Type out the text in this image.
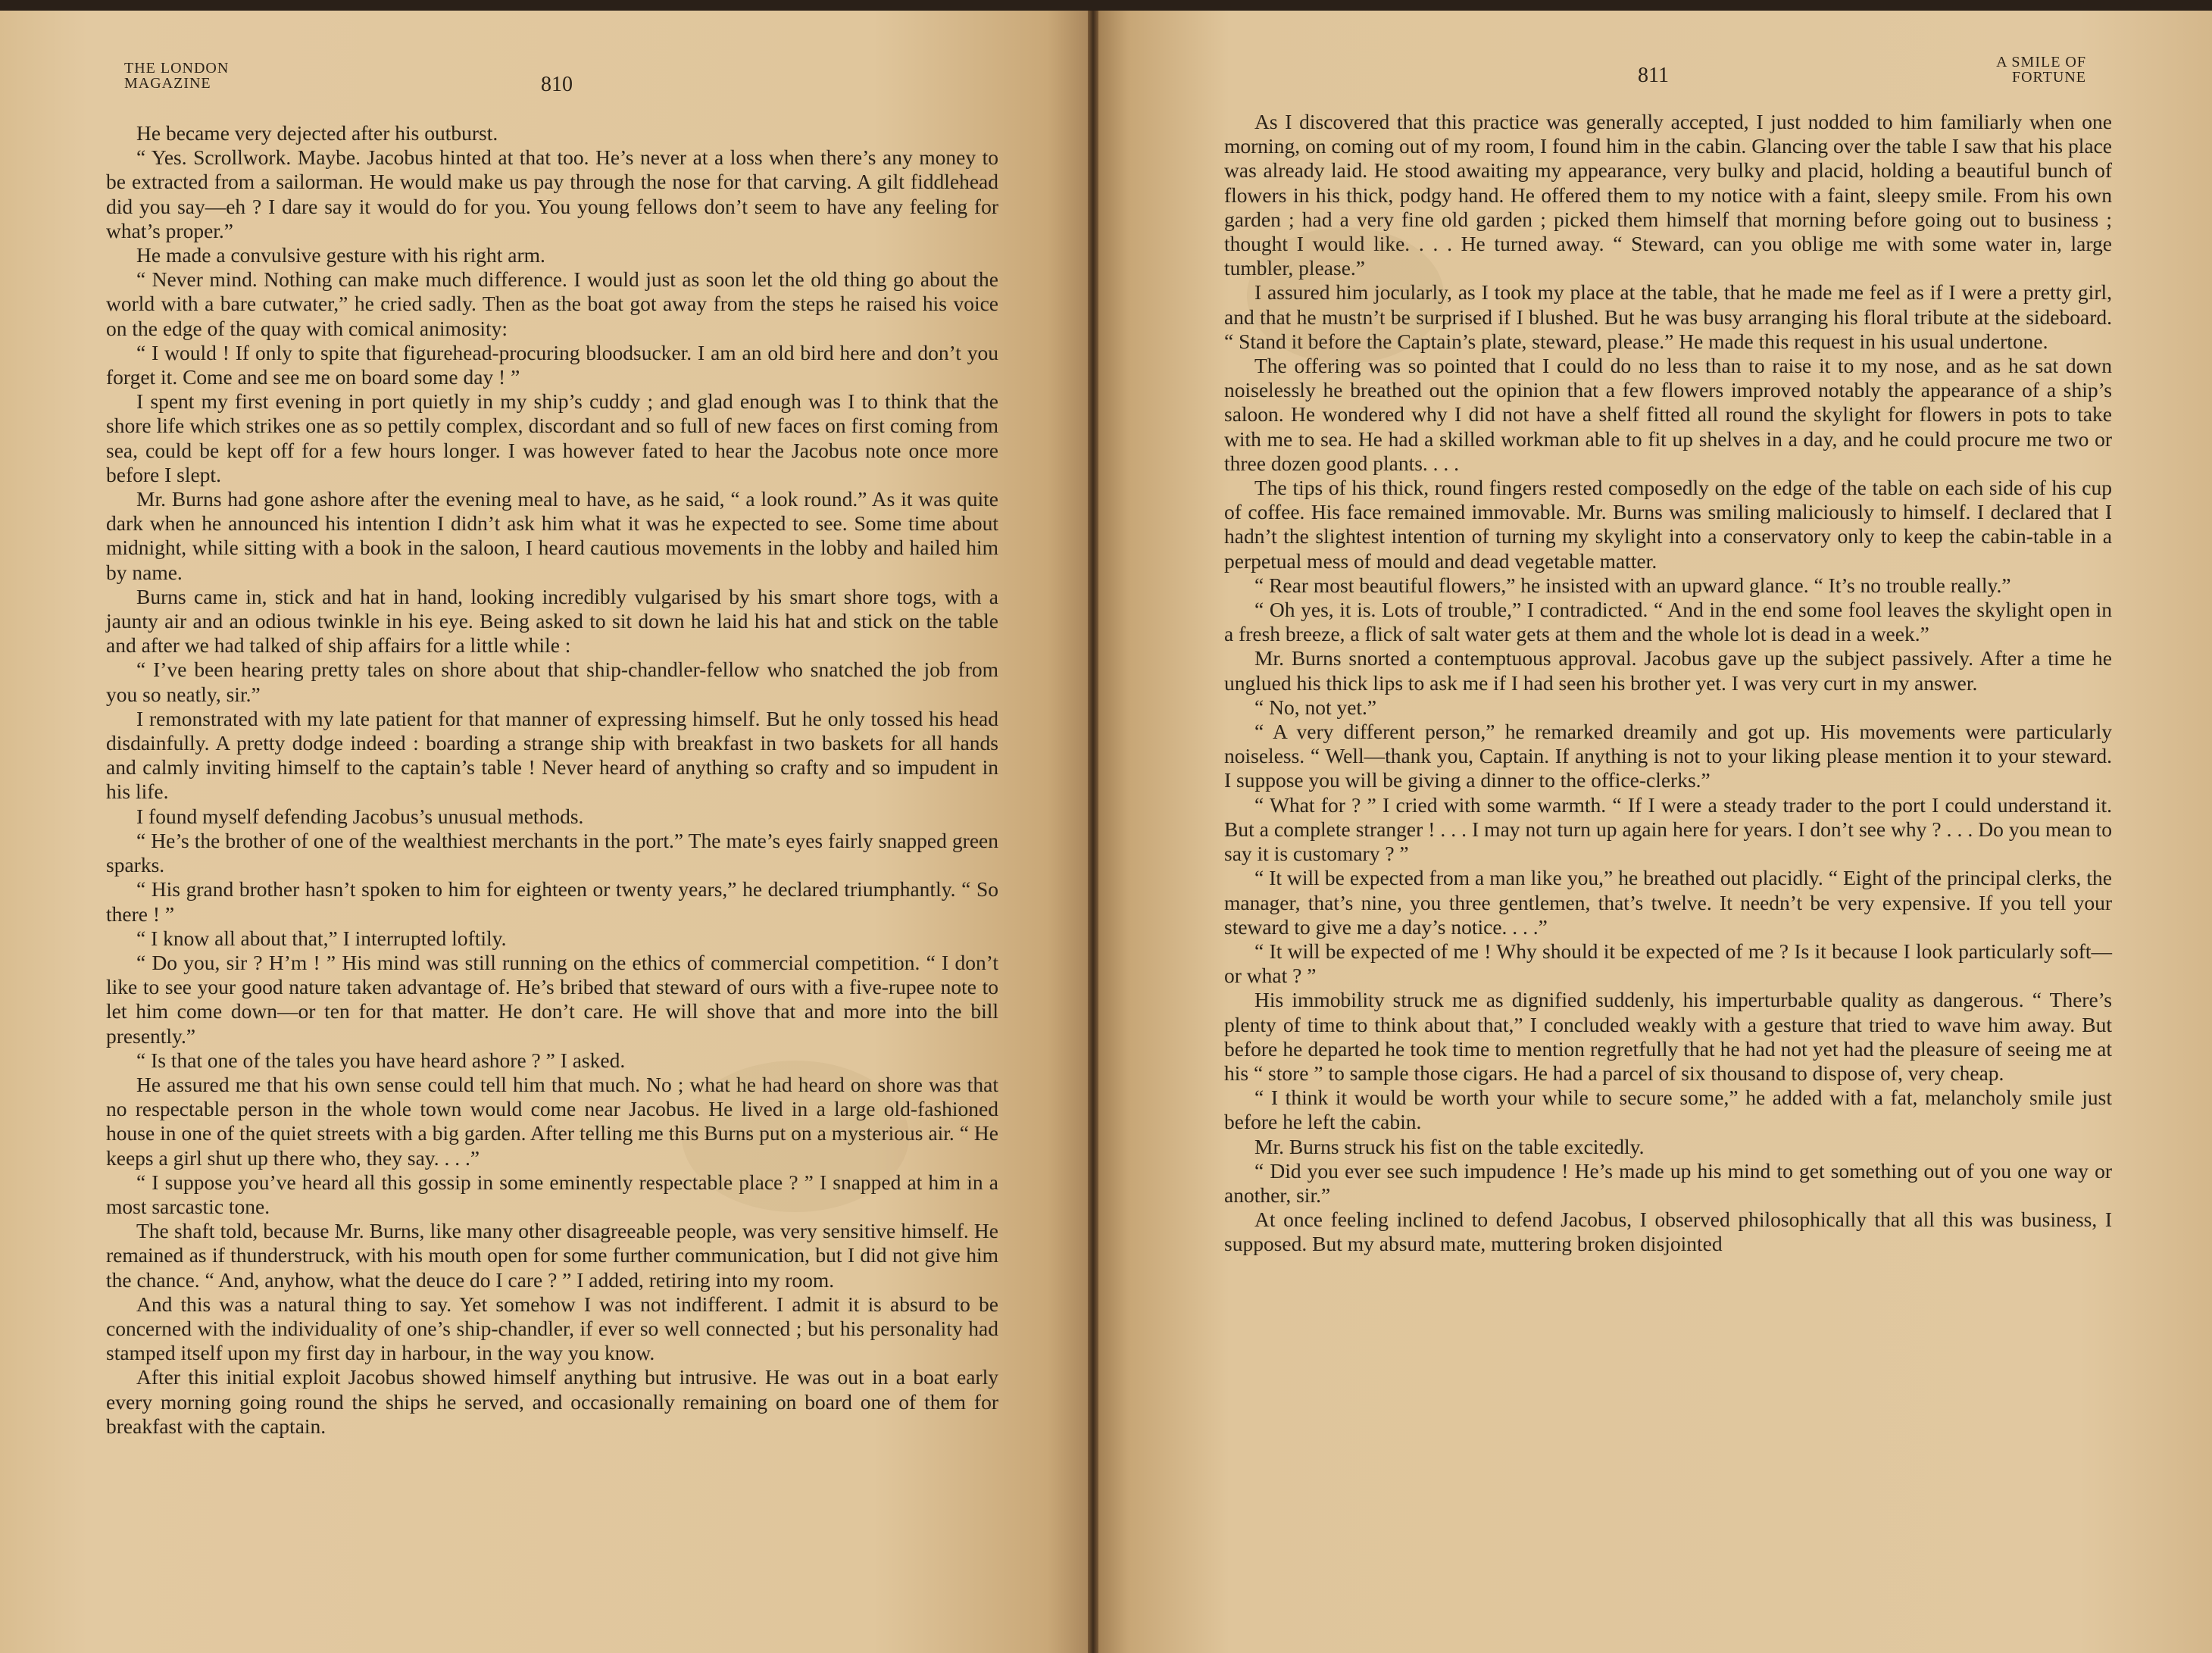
THE LONDON
MAGAZINE	810

He became very dejected after his outburst.

“ Yes. Scrollwork. Maybe. Jacobus hinted at that too. He’s never at a loss when there’s any money to be extracted from a sailorman. He would make us pay through the nose for that carving. A gilt fiddlehead did you say—eh ? I dare say it would do for you. You young fellows don’t seem to have any feeling for what’s proper.”

He made a convulsive gesture with his right arm.

“ Never mind. Nothing can make much difference. I would just as soon let the old thing go about the world with a bare cutwater,” he cried sadly. Then as the boat got away from the steps he raised his voice on the edge of the quay with comical animosity:

“ I would ! If only to spite that figurehead-procuring bloodsucker. I am an old bird here and don’t you forget it. Come and see me on board some day ! ”

I spent my first evening in port quietly in my ship’s cuddy ; and glad enough was I to think that the shore life which strikes one as so pettily complex, discordant and so full of new faces on first coming from sea, could be kept off for a few hours longer. I was however fated to hear the Jacobus note once more before I slept.

Mr. Burns had gone ashore after the evening meal to have, as he said, “ a look round.” As it was quite dark when he announced his intention I didn’t ask him what it was he expected to see. Some time about midnight, while sitting with a book in the saloon, I heard cautious movements in the lobby and hailed him by name.

Burns came in, stick and hat in hand, looking incredibly vulgarised by his smart shore togs, with a jaunty air and an odious twinkle in his eye. Being asked to sit down he laid his hat and stick on the table and after we had talked of ship affairs for a little while :

“ I’ve been hearing pretty tales on shore about that ship-chandler-fellow who snatched the job from you so neatly, sir.”

I remonstrated with my late patient for that manner of expressing himself. But he only tossed his head disdainfully. A pretty dodge indeed : boarding a strange ship with breakfast in two baskets for all hands and calmly inviting himself to the captain’s table ! Never heard of anything so crafty and so impudent in his life.

I found myself defending Jacobus’s unusual methods.

“ He’s the brother of one of the wealthiest merchants in the port.” The mate’s eyes fairly snapped green sparks.

“ His grand brother hasn’t spoken to him for eighteen or twenty years,” he declared triumphantly. “ So there ! ”

“ I know all about that,” I interrupted loftily.

“ Do you, sir ? H’m ! ” His mind was still running on the ethics of commercial competition. “ I don’t like to see your good nature taken advantage of. He’s bribed that steward of ours with a five-rupee note to let him come down—or ten for that matter. He don’t care. He will shove that and more into the bill presently.”

“ Is that one of the tales you have heard ashore ? ” I asked.

He assured me that his own sense could tell him that much. No ; what he had heard on shore was that no respectable person in the whole town would come near Jacobus. He lived in a large old-fashioned house in one of the quiet streets with a big garden. After telling me this Burns put on a mysterious air. “ He keeps a girl shut up there who, they say. . . .”

“ I suppose you’ve heard all this gossip in some eminently respectable place ? ” I snapped at him in a most sarcastic tone.

The shaft told, because Mr. Burns, like many other disagreeable people, was very sensitive himself. He remained as if thunderstruck, with his mouth open for some further communication, but I did not give him the chance. “ And, anyhow, what the deuce do I care ? ” I added, retiring into my room.

And this was a natural thing to say. Yet somehow I was not indifferent. I admit it is absurd to be concerned with the individuality of one’s ship-chandler, if ever so well connected ; but his personality had stamped itself upon my first day in harbour, in the way you know.

After this initial exploit Jacobus showed himself anything but intrusive. He was out in a boat early every morning going round the ships he served, and occasionally remaining on board one of them for breakfast with the captain.

811
A SMILE OF
FORTUNE

As I discovered that this practice was generally accepted, I just nodded to him familiarly when one morning, on coming out of my room, I found him in the cabin. Glancing over the table I saw that his place was already laid. He stood awaiting my appearance, very bulky and placid, holding a beautiful bunch of flowers in his thick, podgy hand. He offered them to my notice with a faint, sleepy smile. From his own garden ; had a very fine old garden ; picked them himself that morning before going out to business ; thought I would like. . . . He turned away. “ Steward, can you oblige me with some water in, large tumbler, please.”

I assured him jocularly, as I took my place at the table, that he made me feel as if I were a pretty girl, and that he mustn’t be surprised if I blushed. But he was busy arranging his floral tribute at the sideboard. “ Stand it before the Captain’s plate, steward, please.” He made this request in his usual undertone.

The offering was so pointed that I could do no less than to raise it to my nose, and as he sat down noiselessly he breathed out the opinion that a few flowers improved notably the appearance of a ship’s saloon. He wondered why I did not have a shelf fitted all round the skylight for flowers in pots to take with me to sea. He had a skilled workman able to fit up shelves in a day, and he could procure me two or three dozen good plants. . . .

The tips of his thick, round fingers rested composedly on the edge of the table on each side of his cup of coffee. His face remained immovable. Mr. Burns was smiling maliciously to himself. I declared that I hadn’t the slightest intention of turning my skylight into a conservatory only to keep the cabin-table in a perpetual mess of mould and dead vegetable matter.

“ Rear most beautiful flowers,” he insisted with an upward glance. “ It’s no trouble really.”

“ Oh yes, it is. Lots of trouble,” I contradicted. “ And in the end some fool leaves the skylight open in a fresh breeze, a flick of salt water gets at them and the whole lot is dead in a week.”

Mr. Burns snorted a contemptuous approval. Jacobus gave up the subject passively. After a time he unglued his thick lips to ask me if I had seen his brother yet. I was very curt in my answer.

“ No, not yet.”

“ A very different person,” he remarked dreamily and got up. His movements were particularly noiseless. “ Well—thank you, Captain. If anything is not to your liking please mention it to your steward. I suppose you will be giving a dinner to the office-clerks.”

“ What for ? ” I cried with some warmth. “ If I were a steady trader to the port I could understand it. But a complete stranger ! . . . I may not turn up again here for years. I don’t see why ? . . . Do you mean to say it is customary ? ”

“ It will be expected from a man like you,” he breathed out placidly. “ Eight of the principal clerks, the manager, that’s nine, you three gentlemen, that’s twelve. It needn’t be very expensive. If you tell your steward to give me a day’s notice. . . .”

“ It will be expected of me ! Why should it be expected of me ? Is it because I look particularly soft—or what ? ”

His immobility struck me as dignified suddenly, his imperturbable quality as dangerous. “ There’s plenty of time to think about that,” I concluded weakly with a gesture that tried to wave him away. But before he departed he took time to mention regretfully that he had not yet had the pleasure of seeing me at his “ store ” to sample those cigars. He had a parcel of six thousand to dispose of, very cheap.

“ I think it would be worth your while to secure some,” he added with a fat, melancholy smile just before he left the cabin.

Mr. Burns struck his fist on the table excitedly.

“ Did you ever see such impudence ! He’s made up his mind to get something out of you one way or another, sir.”

At once feeling inclined to defend Jacobus, I observed philosophically that all this was business, I supposed. But my absurd mate, muttering broken disjointed
